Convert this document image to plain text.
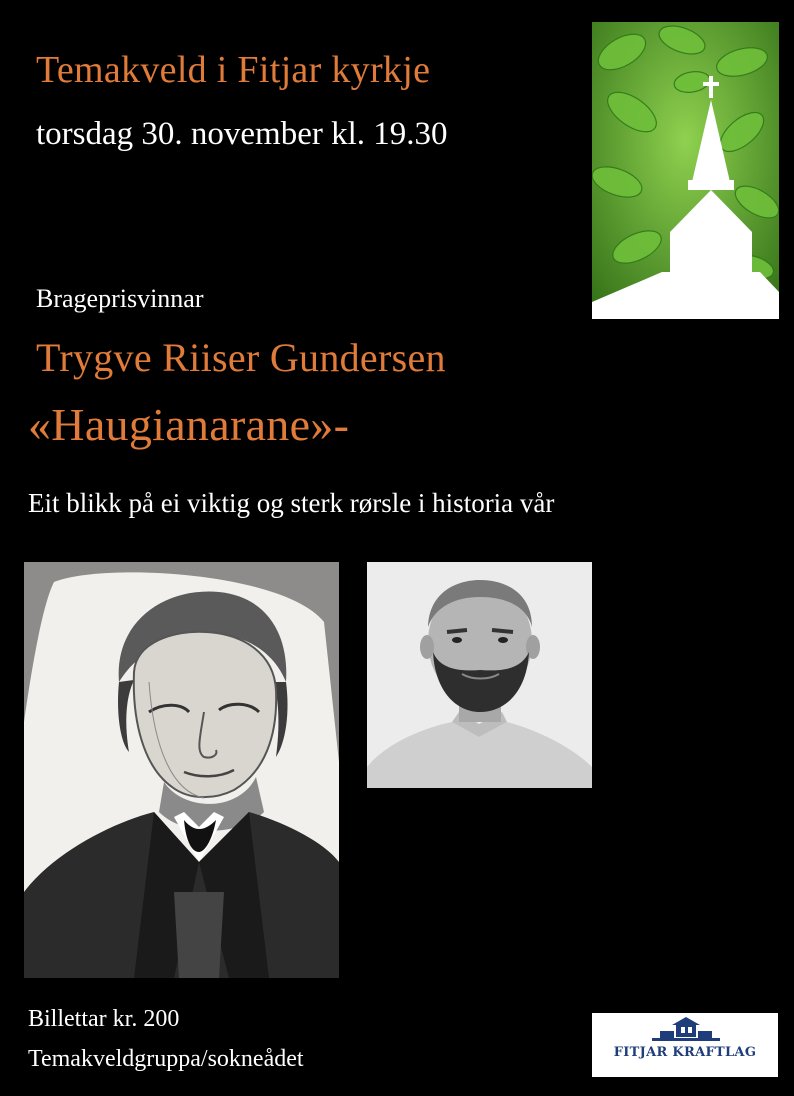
Temakveld i Fitjar kyrkje
torsdag 30. november kl. 19.30
Brageprisvinnar
Trygve Riiser Gundersen
«Haugianarane»-
Eit blikk på ei viktig og sterk rørsle i historia vår
Billettar kr. 200
Temakveldgruppa/sokneådet	FITJAR KRAFTLAG
